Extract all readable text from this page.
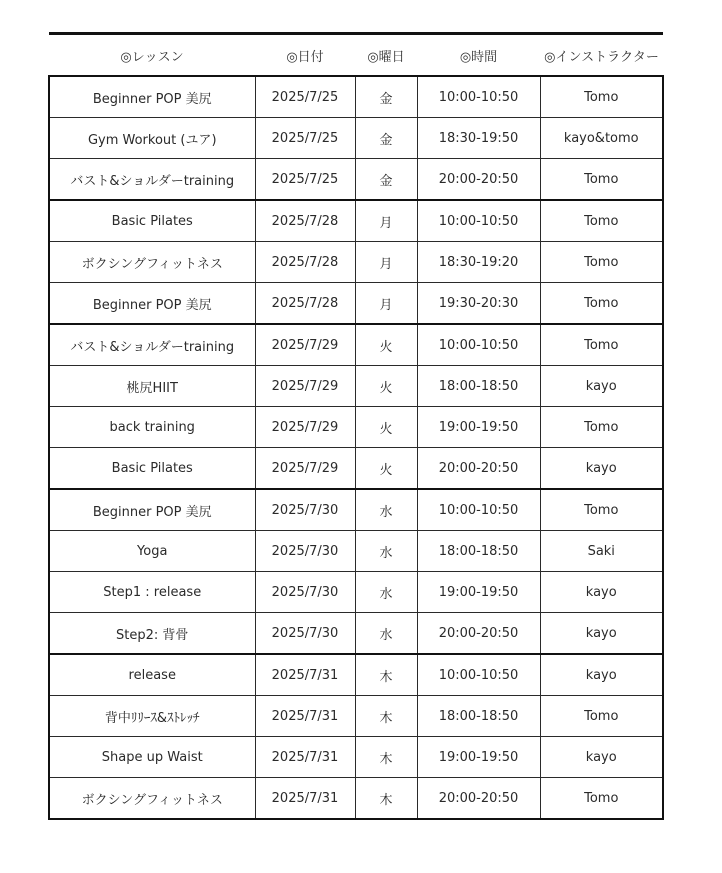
◎レッスン	◎日付	◎曜日	◎時間	◎インストラクター
Beginner POP 美尻	2025/7/25	金	10:00-10:50	Tomo
Gym Workout (ユア)	2025/7/25	金	18:30-19:50	kayo&tomo
バスト&ショルダーtraining	2025/7/25	金	20:00-20:50	Tomo
Basic Pilates	2025/7/28	月	10:00-10:50	Tomo
ボクシングフィットネス	2025/7/28	月	18:30-19:20	Tomo
Beginner POP 美尻	2025/7/28	月	19:30-20:30	Tomo
バスト&ショルダーtraining	2025/7/29	火	10:00-10:50	Tomo
桃尻HIIT	2025/7/29	火	18:00-18:50	kayo
back training	2025/7/29	火	19:00-19:50	Tomo
Basic Pilates	2025/7/29	火	20:00-20:50	kayo
Beginner POP 美尻	2025/7/30	水	10:00-10:50	Tomo
Yoga	2025/7/30	水	18:00-18:50	Saki
Step1 : release	2025/7/30	水	19:00-19:50	kayo
Step2: 背骨	2025/7/30	水	20:00-20:50	kayo
release	2025/7/31	木	10:00-10:50	kayo
背中ﾘﾘｰｽ&ｽﾄﾚｯﾁ	2025/7/31	木	18:00-18:50	Tomo
Shape up Waist	2025/7/31	木	19:00-19:50	kayo
ボクシングフィットネス	2025/7/31	木	20:00-20:50	Tomo
